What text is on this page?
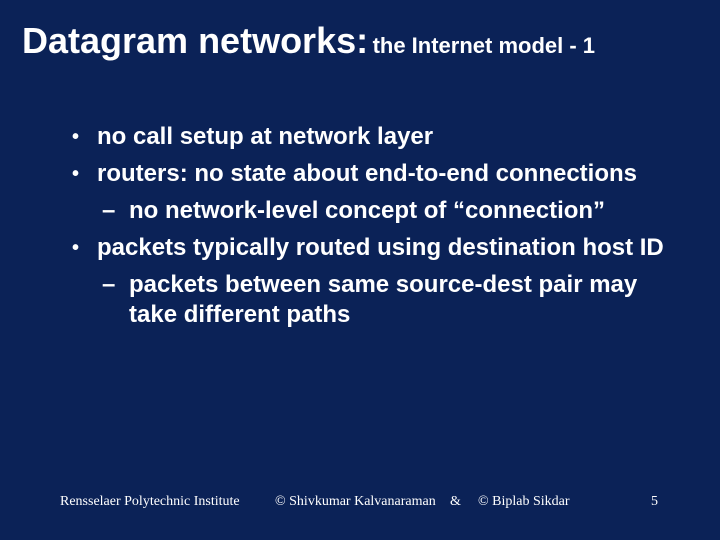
Datagram networks: the Internet model - 1
• no call setup at network layer
• routers: no state about end-to-end connections
– no network-level concept of “connection”
• packets typically routed using destination host ID
– packets between same source-dest pair may take different paths
Rensselaer Polytechnic Institute	© Shivkumar Kalvanaraman & © Biplab Sikdar	5
